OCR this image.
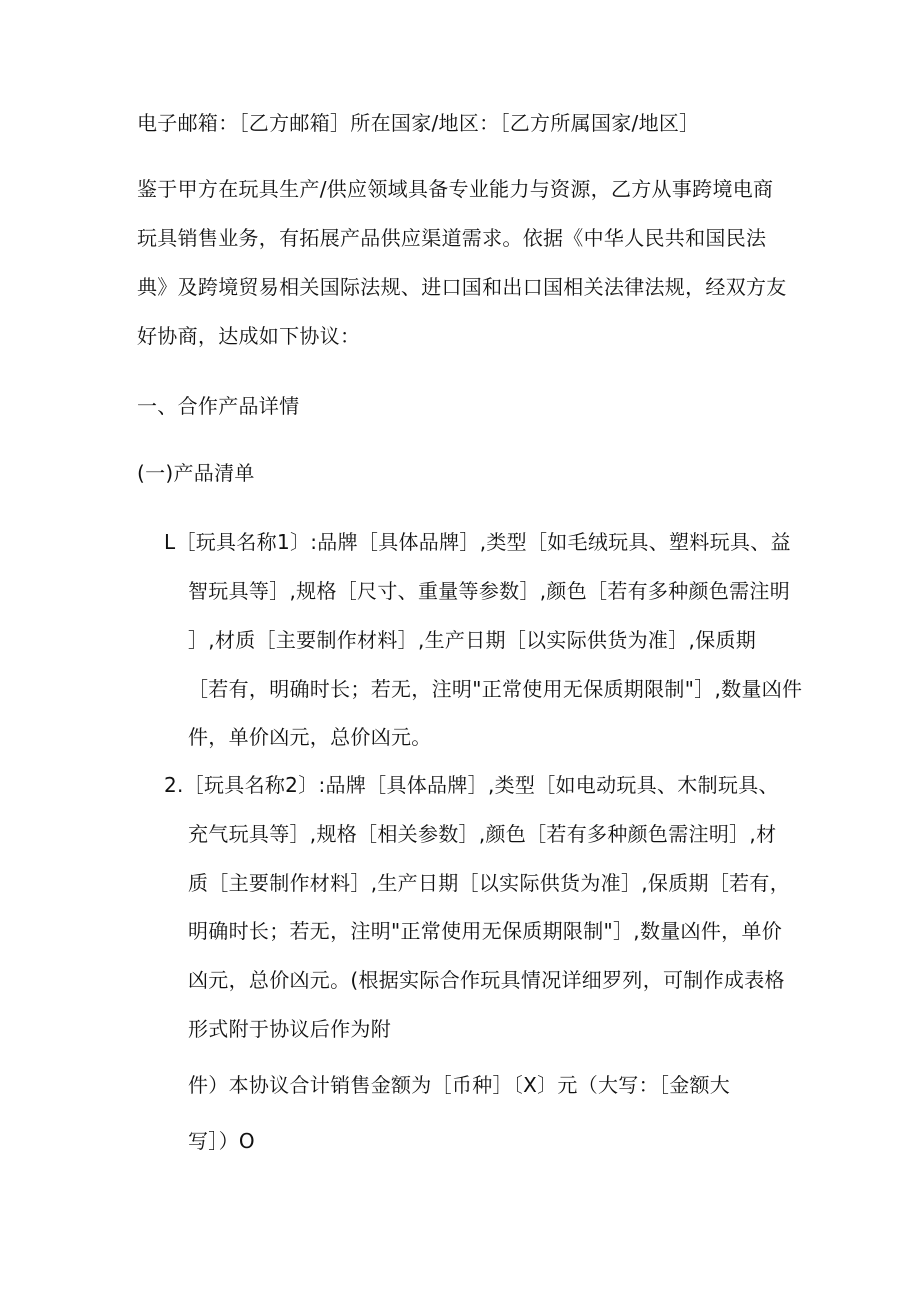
电子邮箱：［乙方邮箱］所在国家/地区：［乙方所属国家/地区］
鉴于甲方在玩具生产/供应领域具备专业能力与资源，乙方从事跨境电商
玩具销售业务，有拓展产品供应渠道需求。依据《中华人民共和国民法
典》及跨境贸易相关国际法规、进口国和出口国相关法律法规，经双方友
好协商，达成如下协议：
一、合作产品详情
(一)产品清单
L［玩具名称1〕:品牌［具体品牌］,类型［如毛绒玩具、塑料玩具、益
智玩具等］,规格［尺寸、重量等参数］,颜色［若有多种颜色需注明
］,材质［主要制作材料］,生产日期［以实际供货为准］,保质期
［若有，明确时长；若无，注明"正常使用无保质期限制"］,数量凶件
件，单价凶元，总价凶元。
2.［玩具名称2〕:品牌［具体品牌］,类型［如电动玩具、木制玩具、
充气玩具等］,规格［相关参数］,颜色［若有多种颜色需注明］,材
质［主要制作材料］,生产日期［以实际供货为准］,保质期［若有，
明确时长；若无，注明"正常使用无保质期限制"］,数量凶件，单价
凶元，总价凶元。(根据实际合作玩具情况详细罗列，可制作成表格
形式附于协议后作为附
件）本协议合计销售金额为［币种］〔X〕元（大写：［金额大
写］）O
